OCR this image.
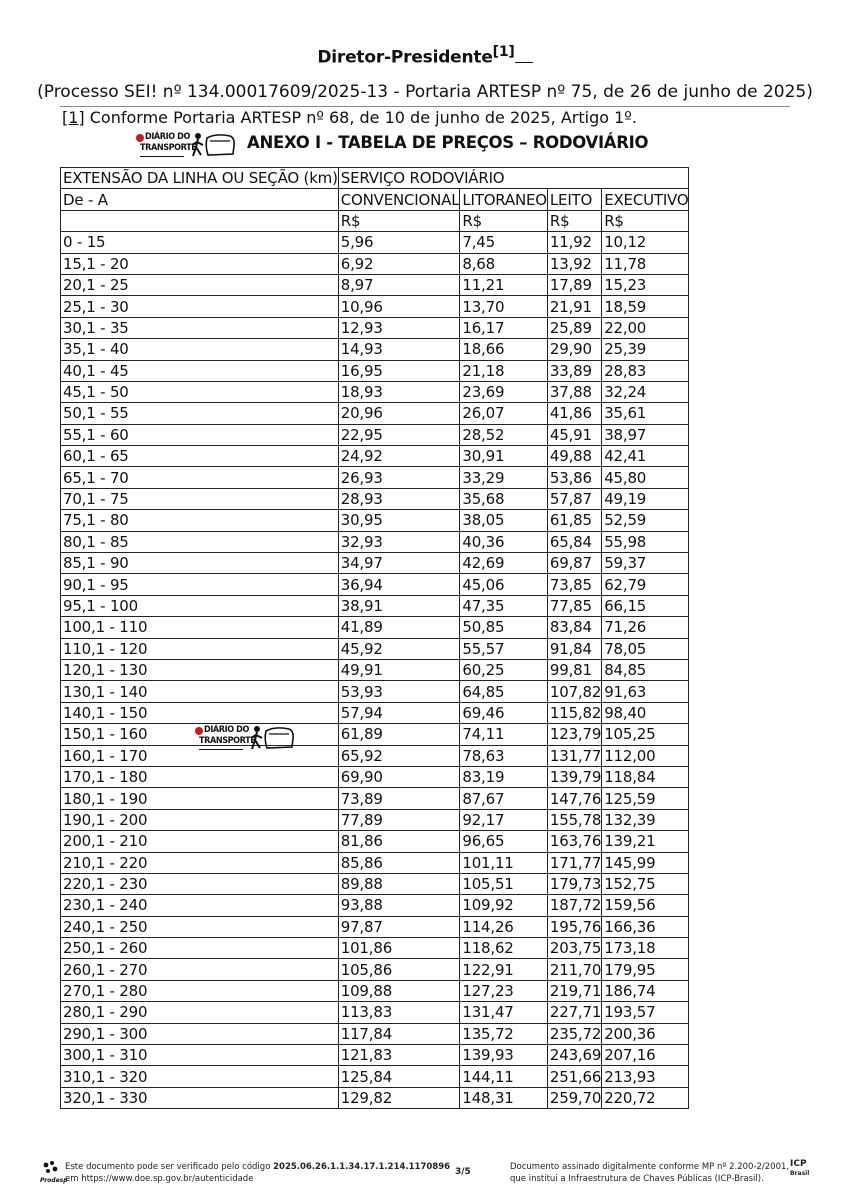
Diretor-Presidente[1]
(Processo SEI! nº 134.00017609/2025-13 - Portaria ARTESP nº 75, de 26 de junho de 2025)
[1] Conforme Portaria ARTESP nº 68, de 10 de junho de 2025, Artigo 1º.
DIÁRIO DO
TRANSPORTE	ANEXO I - TABELA DE PREÇOS – RODOVIÁRIO
EXTENSÃO DA LINHA OU SEÇÃO (km)	SERVIÇO RODOVIÁRIO			
De - A	CONVENCIONAL	LITORANEO	LEITO	EXECUTIVO
	R$	R$	R$	R$
0 - 15	5,96	7,45	11,92	10,12
15,1 - 20	6,92	8,68	13,92	11,78
20,1 - 25	8,97	11,21	17,89	15,23
25,1 - 30	10,96	13,70	21,91	18,59
30,1 - 35	12,93	16,17	25,89	22,00
35,1 - 40	14,93	18,66	29,90	25,39
40,1 - 45	16,95	21,18	33,89	28,83
45,1 - 50	18,93	23,69	37,88	32,24
50,1 - 55	20,96	26,07	41,86	35,61
55,1 - 60	22,95	28,52	45,91	38,97
60,1 - 65	24,92	30,91	49,88	42,41
65,1 - 70	26,93	33,29	53,86	45,80
70,1 - 75	28,93	35,68	57,87	49,19
75,1 - 80	30,95	38,05	61,85	52,59
80,1 - 85	32,93	40,36	65,84	55,98
85,1 - 90	34,97	42,69	69,87	59,37
90,1 - 95	36,94	45,06	73,85	62,79
95,1 - 100	38,91	47,35	77,85	66,15
100,1 - 110	41,89	50,85	83,84	71,26
110,1 - 120	45,92	55,57	91,84	78,05
120,1 - 130	49,91	60,25	99,81	84,85
130,1 - 140	53,93	64,85	107,82	91,63
140,1 - 150	57,94	69,46	115,82	98,40
150,1 - 160	61,89	74,11	123,79	105,25
160,1 - 170	65,92	78,63	131,77	112,00
170,1 - 180	69,90	83,19	139,79	118,84
180,1 - 190	73,89	87,67	147,76	125,59
190,1 - 200	77,89	92,17	155,78	132,39
200,1 - 210	81,86	96,65	163,76	139,21
210,1 - 220	85,86	101,11	171,77	145,99
220,1 - 230	89,88	105,51	179,73	152,75
230,1 - 240	93,88	109,92	187,72	159,56
240,1 - 250	97,87	114,26	195,76	166,36
250,1 - 260	101,86	118,62	203,75	173,18
260,1 - 270	105,86	122,91	211,70	179,95
270,1 - 280	109,88	127,23	219,71	186,74
280,1 - 290	113,83	131,47	227,71	193,57
290,1 - 300	117,84	135,72	235,72	200,36
300,1 - 310	121,83	139,93	243,69	207,16
310,1 - 320	125,84	144,11	251,66	213,93
320,1 - 330	129,82	148,31	259,70	220,72
DIÁRIO DO
TRANSPORTE
Prodesp
Este documento pode ser verificado pelo código 2025.06.26.1.1.34.17.1.214.1170896
em https://www.doe.sp.gov.br/autenticidade
3/5	Documento assinado digitalmente conforme MP nº 2.200-2/2001,
que institui a Infraestrutura de Chaves Públicas (ICP-Brasil).
ICP
Brasil
